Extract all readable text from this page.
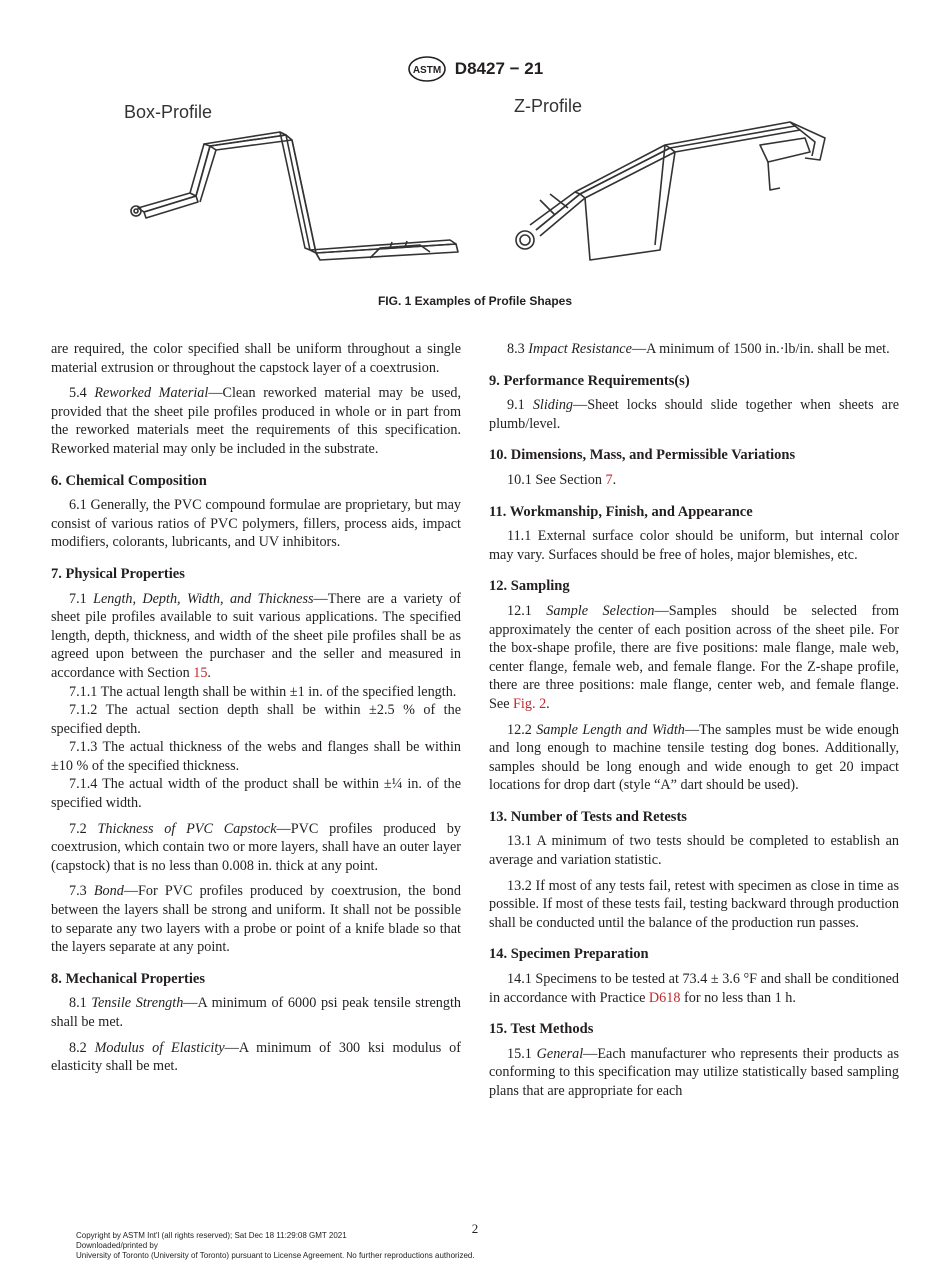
ASTM D8427 − 21
Box-Profile	Z-Profile
FIG. 1 Examples of Profile Shapes

are required, the color specified shall be uniform throughout a single material extrusion or throughout the capstock layer of a coextrusion.

5.4 Reworked Material—Clean reworked material may be used, provided that the sheet pile profiles produced in whole or in part from the reworked materials meet the requirements of this specification. Reworked material may only be included in the substrate.

6. Chemical Composition

6.1 Generally, the PVC compound formulae are proprietary, but may consist of various ratios of PVC polymers, fillers, process aids, impact modifiers, colorants, lubricants, and UV inhibitors.

7. Physical Properties

7.1 Length, Depth, Width, and Thickness—There are a variety of sheet pile profiles available to suit various applications. The specified length, depth, thickness, and width of the sheet pile profiles shall be as agreed upon between the purchaser and the seller and measured in accordance with Section 15.

7.1.1 The actual length shall be within ±1 in. of the specified length.

7.1.2 The actual section depth shall be within ±2.5 % of the specified depth.

7.1.3 The actual thickness of the webs and flanges shall be within ±10 % of the specified thickness.

7.1.4 The actual width of the product shall be within ±¼ in. of the specified width.

7.2 Thickness of PVC Capstock—PVC profiles produced by coextrusion, which contain two or more layers, shall have an outer layer (capstock) that is no less than 0.008 in. thick at any point.

7.3 Bond—For PVC profiles produced by coextrusion, the bond between the layers shall be strong and uniform. It shall not be possible to separate any two layers with a probe or point of a knife blade so that the layers separate at any point.

8. Mechanical Properties

8.1 Tensile Strength—A minimum of 6000 psi peak tensile strength shall be met.

8.2 Modulus of Elasticity—A minimum of 300 ksi modulus of elasticity shall be met.

8.3 Impact Resistance—A minimum of 1500 in.·lb/in. shall be met.

9. Performance Requirements(s)

9.1 Sliding—Sheet locks should slide together when sheets are plumb/level.

10. Dimensions, Mass, and Permissible Variations

10.1 See Section 7.

11. Workmanship, Finish, and Appearance

11.1 External surface color should be uniform, but internal color may vary. Surfaces should be free of holes, major blemishes, etc.

12. Sampling

12.1 Sample Selection—Samples should be selected from approximately the center of each position across of the sheet pile. For the box-shape profile, there are five positions: male flange, male web, center flange, female web, and female flange. For the Z-shape profile, there are three positions: male flange, center web, and female flange. See Fig. 2.

12.2 Sample Length and Width—The samples must be wide enough and long enough to machine tensile testing dog bones. Additionally, samples should be long enough and wide enough to get 20 impact locations for drop dart (style “A” dart should be used).

13. Number of Tests and Retests

13.1 A minimum of two tests should be completed to establish an average and variation statistic.

13.2 If most of any tests fail, retest with specimen as close in time as possible. If most of these tests fail, testing backward through production shall be conducted until the balance of the production run passes.

14. Specimen Preparation

14.1 Specimens to be tested at 73.4 ± 3.6 °F and shall be conditioned in accordance with Practice D618 for no less than 1 h.

15. Test Methods

15.1 General—Each manufacturer who represents their products as conforming to this specification may utilize statistically based sampling plans that are appropriate for each

2
Copyright by ASTM Int'l (all rights reserved); Sat Dec 18 11:29:08 GMT 2021
Downloaded/printed by
University of Toronto (University of Toronto) pursuant to License Agreement. No further reproductions authorized.
